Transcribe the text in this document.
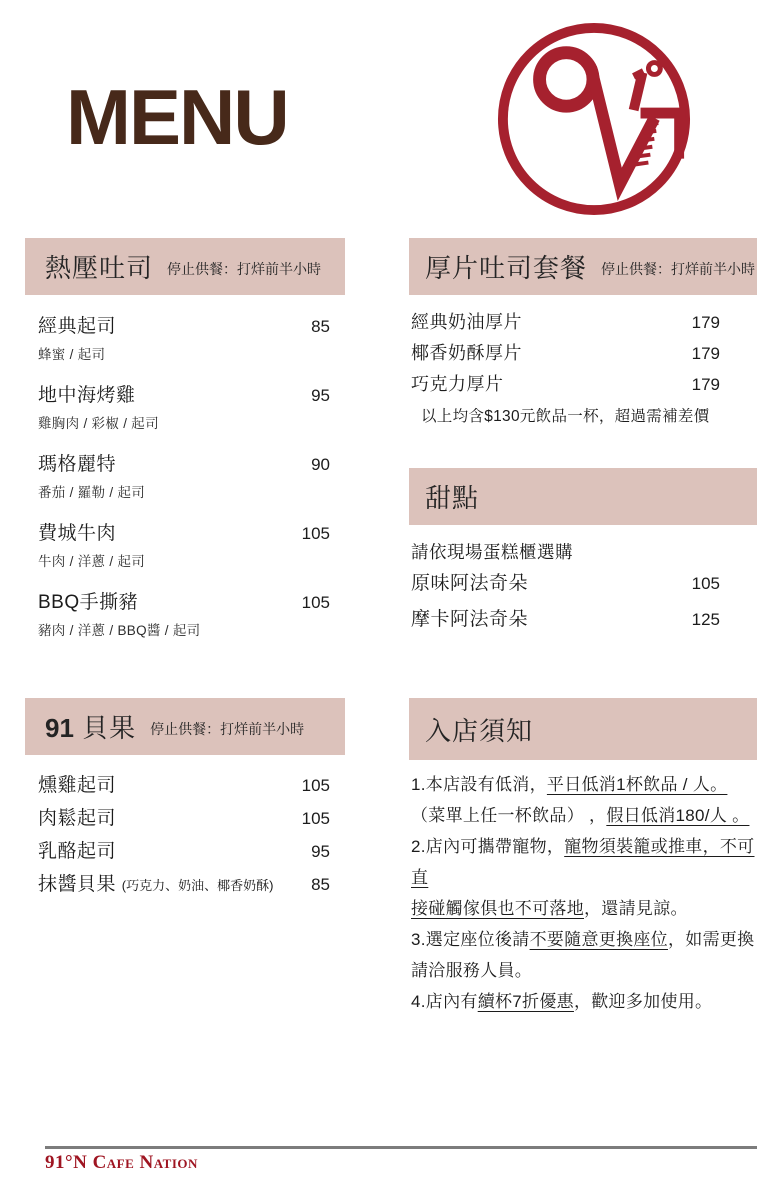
MENU
熱壓吐司 停止供餐：打烊前半小時
經典起司	85
蜂蜜 / 起司
地中海烤雞	95
雞胸肉 / 彩椒 / 起司
瑪格麗特	90
番茄 / 羅勒 / 起司
費城牛肉	105
牛肉 / 洋蔥 / 起司
BBQ手撕豬	105
豬肉 / 洋蔥 / BBQ醬 / 起司
厚片吐司套餐 停止供餐：打烊前半小時
經典奶油厚片	179
椰香奶酥厚片	179
巧克力厚片	179
以上均含$130元飲品一杯，超過需補差價
甜點
請依現場蛋糕櫃選購
原味阿法奇朵	105
摩卡阿法奇朵	125
91 貝果 停止供餐：打烊前半小時
燻雞起司	105
肉鬆起司	105
乳酪起司	95
抹醬貝果 (巧克力、奶油、椰香奶酥) 85
入店須知
1.本店設有低消，平日低消1杯飲品 / 人。
（菜單上任一杯飲品） ，假日低消180/人 。
2.店內可攜帶寵物，寵物須裝籠或推車，不可直
接碰觸傢俱也不可落地，還請見諒。
3.選定座位後請不要隨意更換座位，如需更換
請洽服務人員。
4.店內有續杯7折優惠，歡迎多加使用。
91°N Cafe Nation
